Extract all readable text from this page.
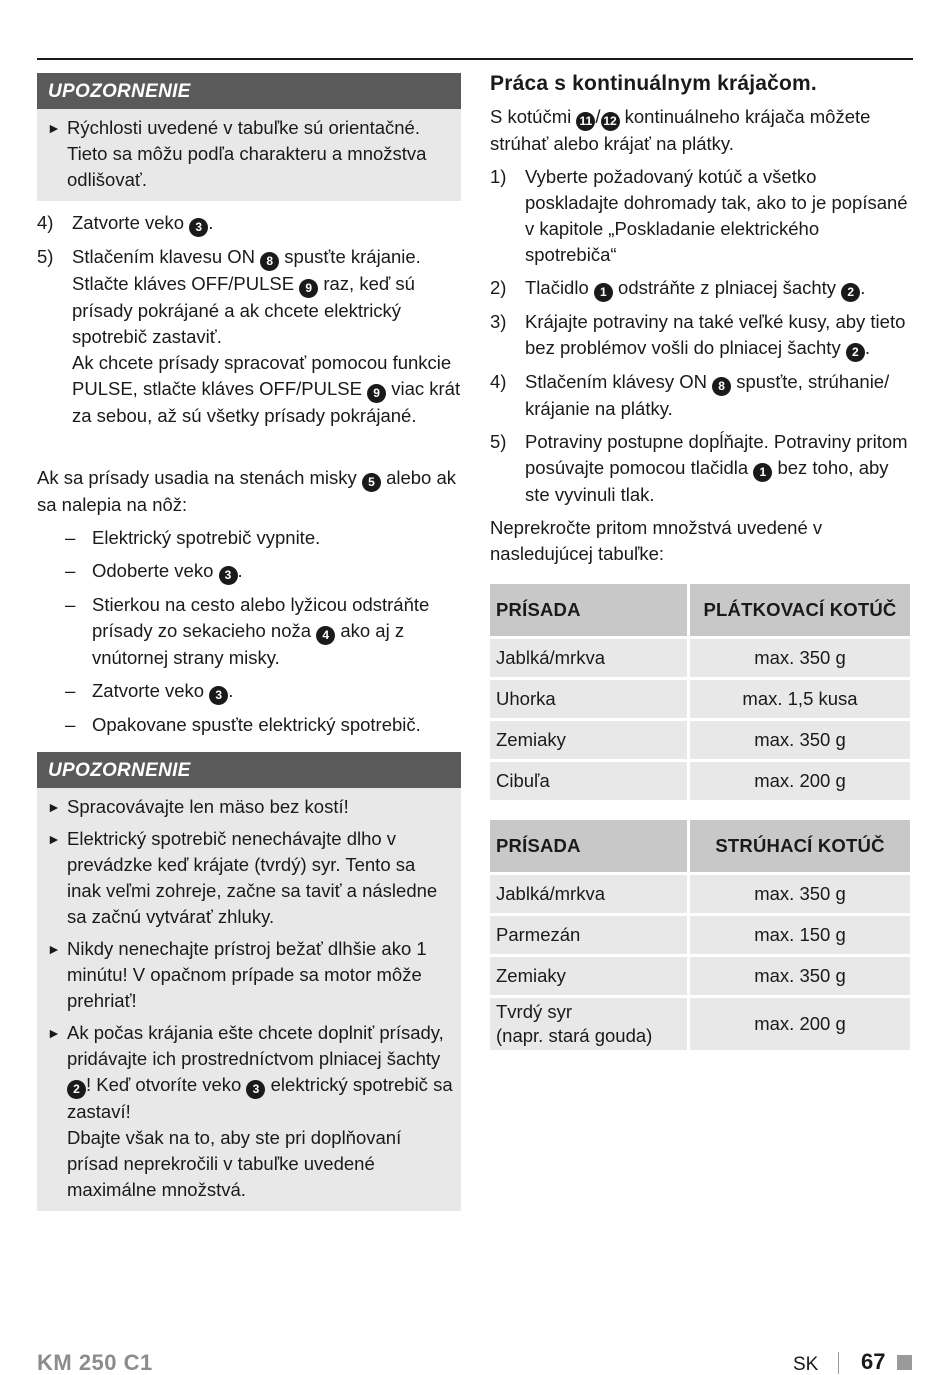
UPOZORNENIE
► Rýchlosti uvedené v tabuľke sú orientačné. Tieto sa môžu podľa charakteru a množstva odlišovať.
4) Zatvorte veko 3 .
5) Stlačením klavesu ON 8 spusťte krájanie. Stlačte kláves OFF/PULSE 9 raz, keď sú prísady pokrájané a ak chcete elektrický spotrebič zastaviť.
Ak chcete prísady spracovať pomocou funkcie PULSE, stlačte kláves OFF/PULSE 9 viac krát za sebou, až sú všetky prísady pokrájané.
Ak sa prísady usadia na stenách misky 5 alebo ak sa nalepia na nôž:
– Elektrický spotrebič vypnite.
– Odoberte veko 3 .
– Stierkou na cesto alebo lyžicou odstráňte prísady zo sekacieho noža 4 ako aj z vnútornej strany misky.
– Zatvorte veko 3 .
– Opakovane spusťte elektrický spotrebič.
UPOZORNENIE
► Spracovávajte len mäso bez kostí!
► Elektrický spotrebič nenechávajte dlho v prevádzke keď krájate (tvrdý) syr. Tento sa inak veľmi zohreje, začne sa taviť a následne sa začnú vytvárať zhluky.
► Nikdy nenechajte prístroj bežať dlhšie ako 1 minútu! V opačnom prípade sa motor môže prehriať!
► Ak počas krájania ešte chcete doplniť prísady, pridávajte ich prostredníctvom plniacej šachty 2 ! Keď otvoríte veko 3 elektrický spotrebič sa zastaví!
Dbajte však na to, aby ste pri doplňovaní prísad neprekročili v tabuľke uvedené maximálne množstvá.
Práca s kontinuálnym krájačom.
S kotúčmi 11 / 12 kontinuálneho krájača môžete strúhať alebo krájať na plátky.
1) Vyberte požadovaný kotúč a všetko poskladajte dohromady tak, ako to je popísané v kapitole „Poskladanie elektrického spotrebiča“
2) Tlačidlo 1 odstráňte z plniacej šachty 2 .
3) Krájajte potraviny na také veľké kusy, aby tieto bez problémov vošli do plniacej šachty 2 .
4) Stlačením klávesy ON 8 spusťte, strúhanie/ krájanie na plátky.
5) Potraviny postupne dopĺňajte. Potraviny pritom posúvajte pomocou tlačidla 1 bez toho, aby ste vyvinuli tlak.
Neprekročte pritom množstvá uvedené v nasledujúcej tabuľke:
PRÍSADA	PLÁTKOVACÍ KOTÚČ
Jablká/mrkva	max. 350 g
Uhorka	max. 1,5 kusa
Zemiaky	max. 350 g
Cibuľa	max. 200 g
PRÍSADA	STRÚHACÍ KOTÚČ
Jablká/mrkva	max. 350 g
Parmezán	max. 150 g
Zemiaky	max. 350 g
Tvrdý syr
(napr. stará gouda)	max. 200 g
KM 250 C1	SK 67
